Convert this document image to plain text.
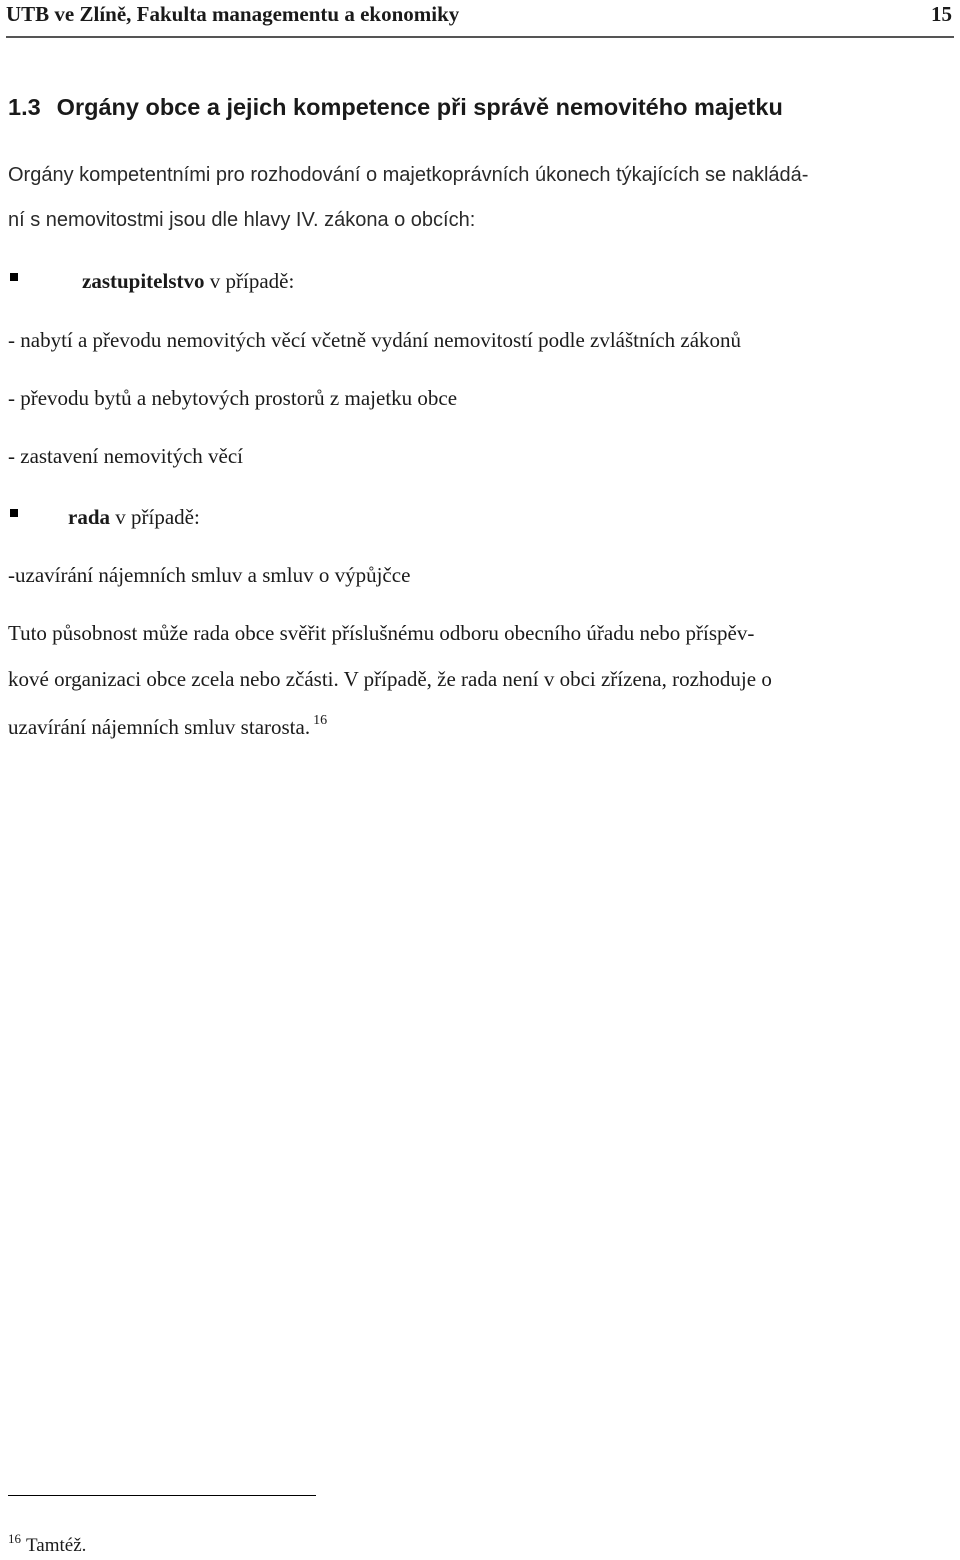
UTB ve Zlíně, Fakulta managementu a ekonomiky	15
1.3 Orgány obce a jejich kompetence při správě nemovitého majetku
Orgány kompetentními pro rozhodování o majetkoprávních úkonech týkajících se nakládá-
ní s nemovitostmi jsou dle hlavy IV. zákona o obcích:
zastupitelstvo v případě:
- nabytí a převodu nemovitých věcí včetně vydání nemovitostí podle zvláštních zákonů
- převodu bytů a nebytových prostorů z majetku obce
- zastavení nemovitých věcí
rada v případě:
-uzavírání nájemních smluv a smluv o výpůjčce
Tuto působnost může rada obce svěřit příslušnému odboru obecního úřadu nebo příspěv-
kové organizaci obce zcela nebo zčásti. V případě, že rada není v obci zřízena, rozhoduje o
uzavírání nájemních smluv starosta. $^{16}$
$^{16}$ Tamtéž.
